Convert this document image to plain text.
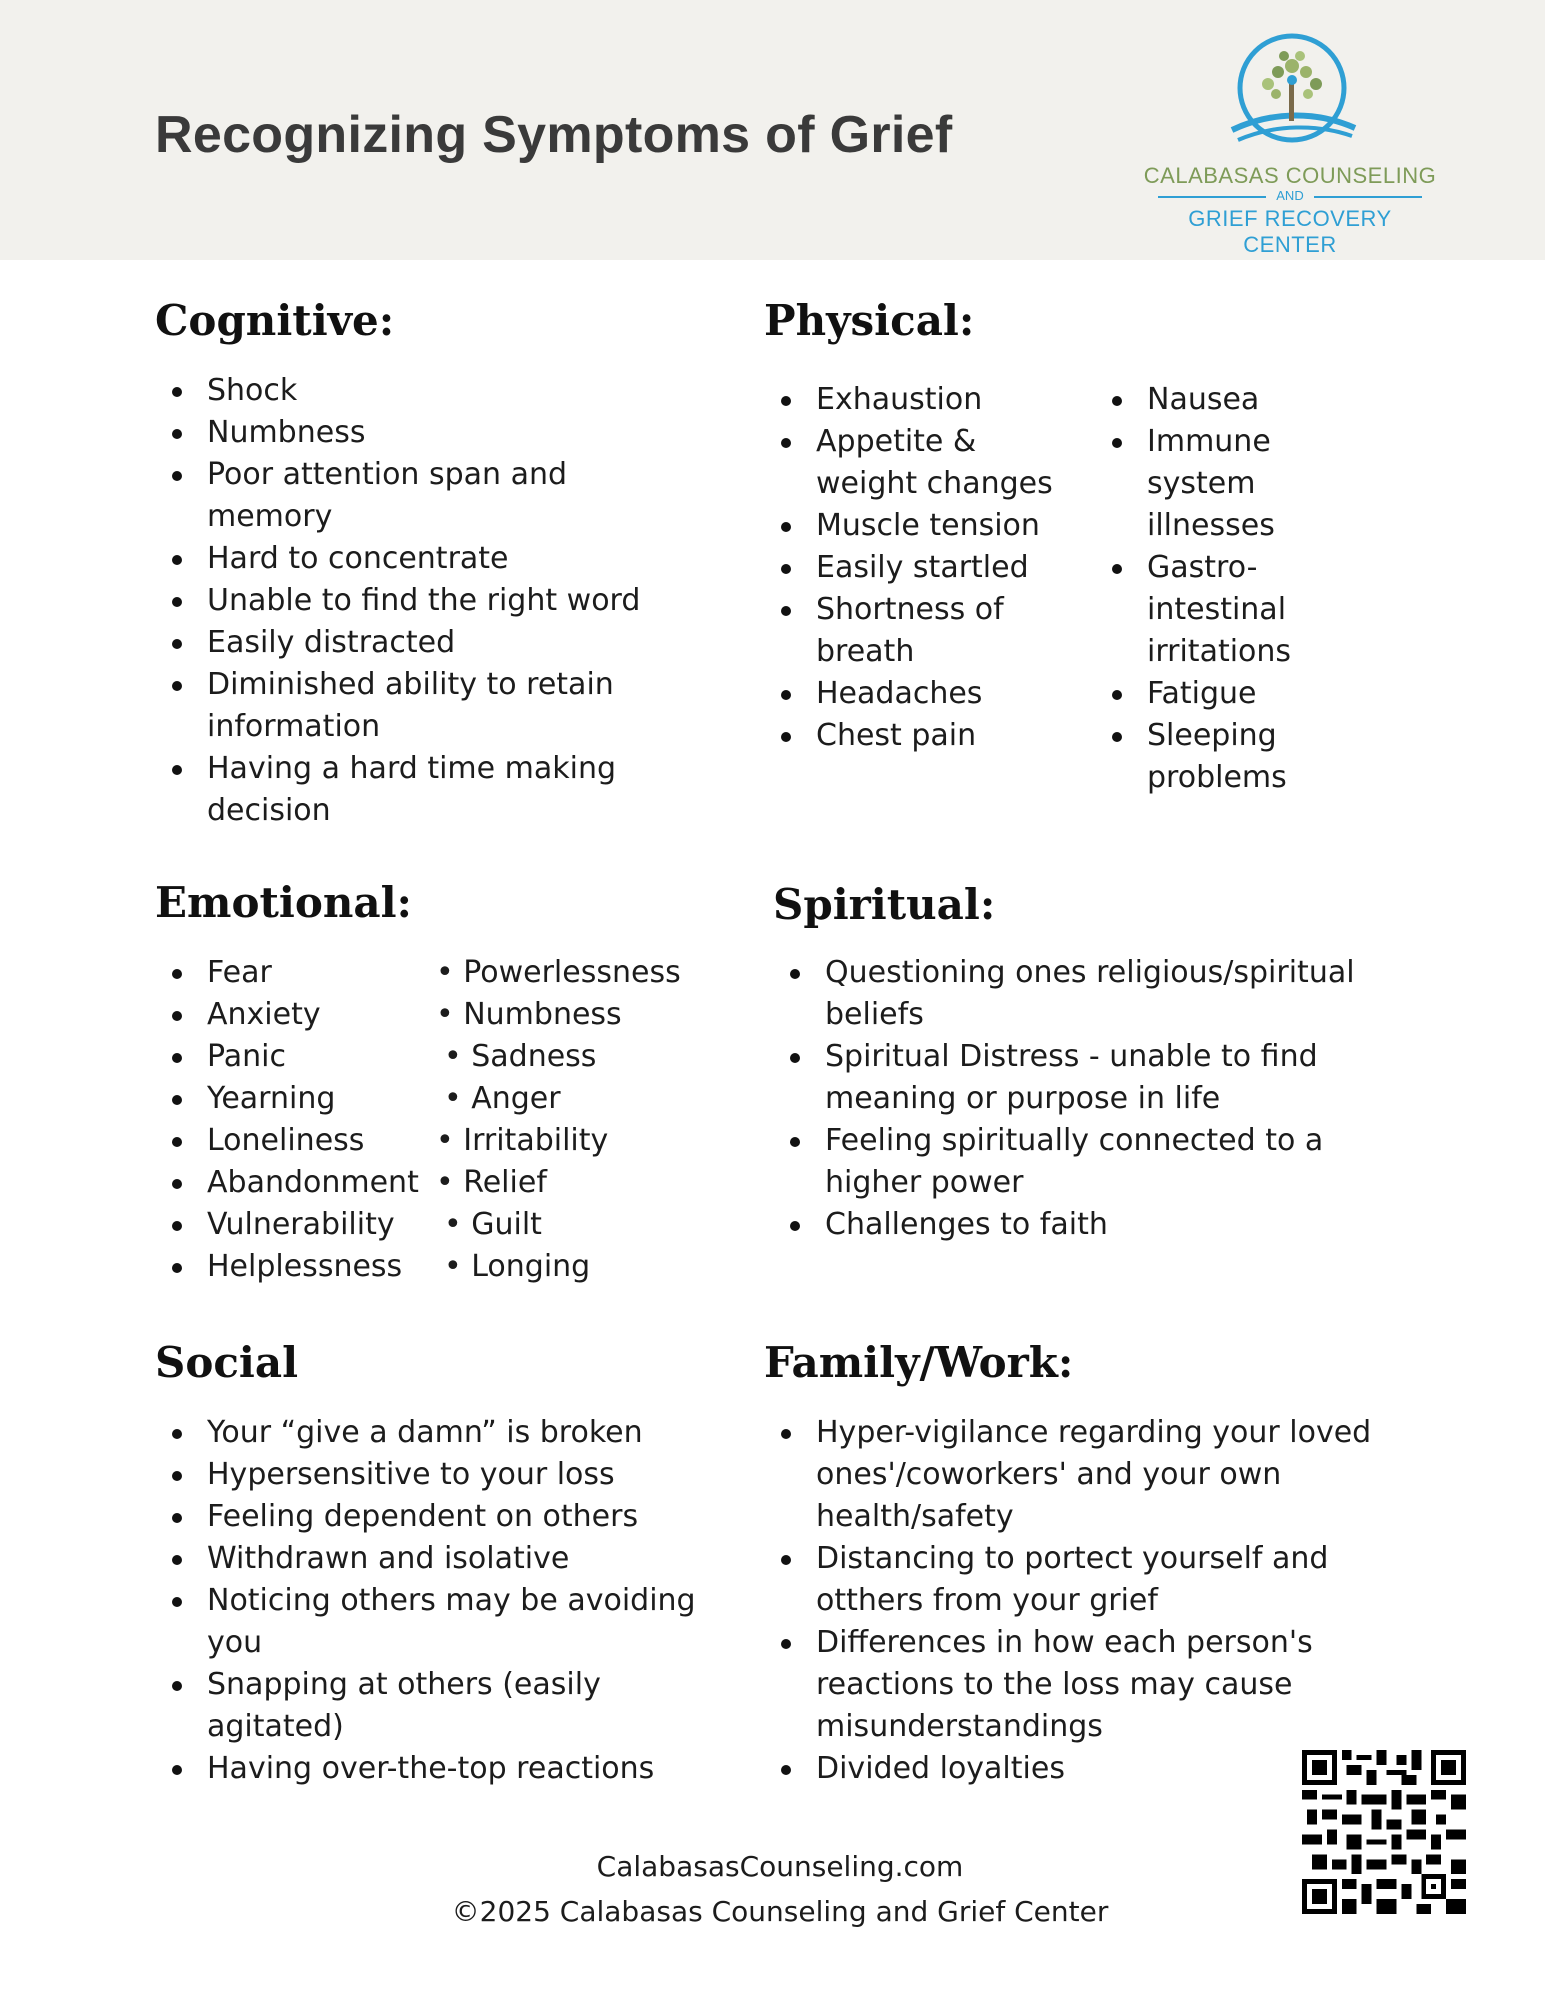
Recognizing Symptoms of Grief
CALABASAS COUNSELING
AND
GRIEF RECOVERY CENTER
Cognitive:
Shock
Numbness
Poor attention span and memory
Hard to concentrate
Unable to find the right word
Easily distracted
Diminished ability to retain information
Having a hard time making decision
Physical:
Exhaustion
Appetite & weight changes
Muscle tension
Easily startled
Shortness of breath
Headaches
Chest pain
Nausea
Immune system illnesses
Gastro-intestinal irritations
Fatigue
Sleeping problems
Emotional:
Fear
Anxiety
Panic
Yearning
Loneliness
Abandonment
Vulnerability
Helplessness
• Powerlessness
• Numbness
• Sadness
• Anger
• Irritability
• Relief
• Guilt
• Longing
Spiritual:
Questioning ones religious/spiritual beliefs
Spiritual Distress - unable to find meaning or purpose in life
Feeling spiritually connected to a higher power
Challenges to faith
Social
Your “give a damn” is broken
Hypersensitive to your loss
Feeling dependent on others
Withdrawn and isolative
Noticing others may be avoiding you
Snapping at others (easily agitated)
Having over-the-top reactions
Family/Work:
Hyper-vigilance regarding your loved ones'/coworkers' and your own health/safety
Distancing to portect yourself and otthers from your grief
Differences in how each person's reactions to the loss may cause misunderstandings
Divided loyalties
CalabasasCounseling.com
©2025 Calabasas Counseling and Grief Center
